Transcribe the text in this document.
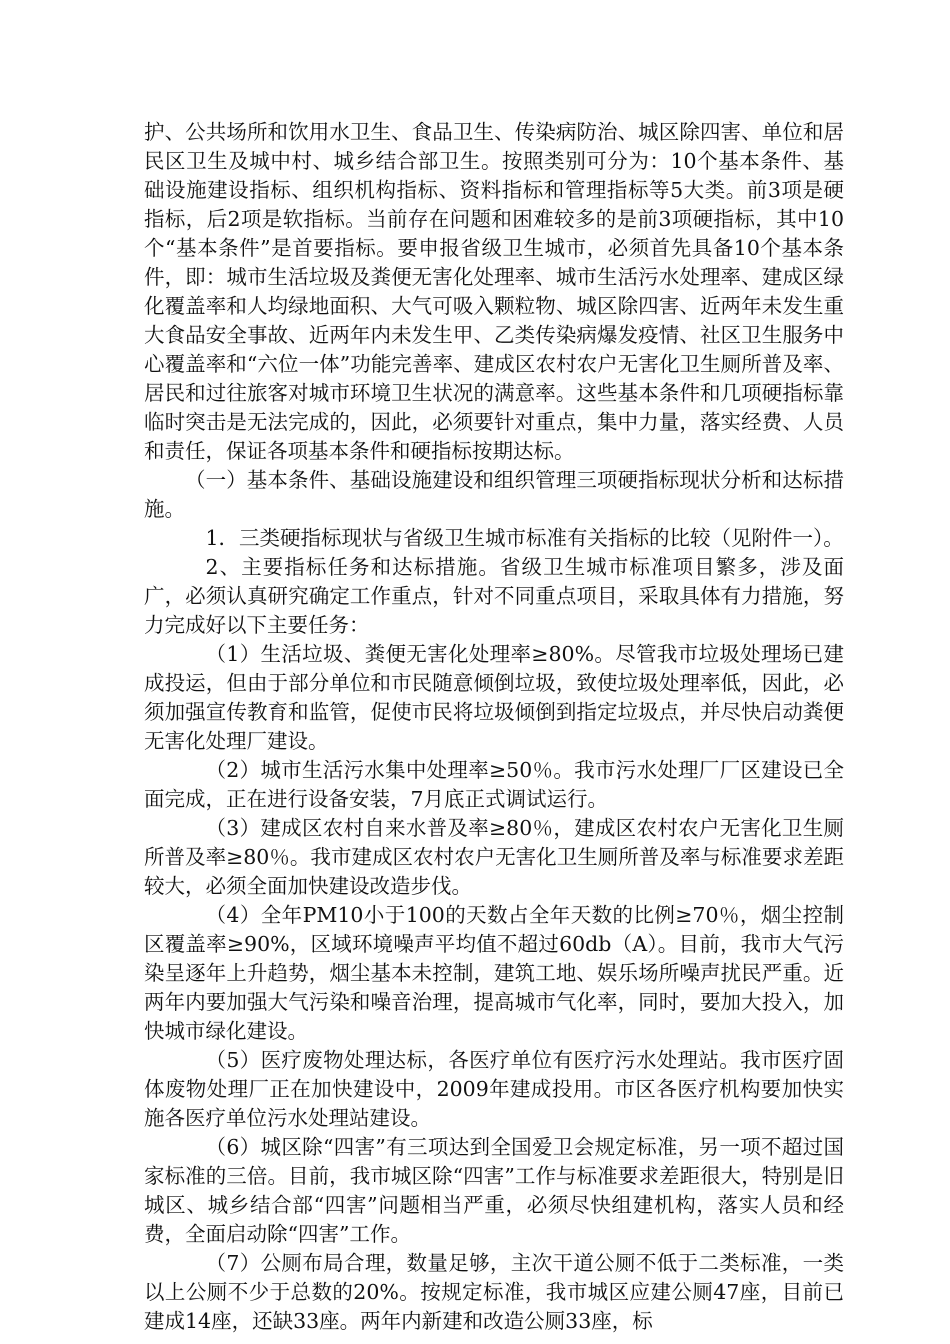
护、公共场所和饮用水卫生、食品卫生、传染病防治、城区除四害、单位和居民区卫生及城中村、城乡结合部卫生。按照类别可分为：10个基本条件、基础设施建设指标、组织机构指标、资料指标和管理指标等5大类。前3项是硬指标，后2项是软指标。当前存在问题和困难较多的是前3项硬指标，其中10个“基本条件”是首要指标。要申报省级卫生城市，必须首先具备10个基本条件，即：城市生活垃圾及粪便无害化处理率、城市生活污水处理率、建成区绿化覆盖率和人均绿地面积、大气可吸入颗粒物、城区除四害、近两年未发生重大食品安全事故、近两年内未发生甲、乙类传染病爆发疫情、社区卫生服务中心覆盖率和“六位一体”功能完善率、建成区农村农户无害化卫生厕所普及率、居民和过往旅客对城市环境卫生状况的满意率。这些基本条件和几项硬指标靠临时突击是无法完成的，因此，必须要针对重点，集中力量，落实经费、人员和责任，保证各项基本条件和硬指标按期达标。

（一）基本条件、基础设施建设和组织管理三项硬指标现状分析和达标措施。

1．三类硬指标现状与省级卫生城市标准有关指标的比较（见附件一）。

2、主要指标任务和达标措施。省级卫生城市标准项目繁多，涉及面广，必须认真研究确定工作重点，针对不同重点项目，采取具体有力措施，努力完成好以下主要任务：

（1）生活垃圾、粪便无害化处理率≥80%。尽管我市垃圾处理场已建成投运，但由于部分单位和市民随意倾倒垃圾，致使垃圾处理率低，因此，必须加强宣传教育和监管，促使市民将垃圾倾倒到指定垃圾点，并尽快启动粪便无害化处理厂建设。

（2）城市生活污水集中处理率≥50％。我市污水处理厂厂区建设已全面完成，正在进行设备安装，7月底正式调试运行。

（3）建成区农村自来水普及率≥80％，建成区农村农户无害化卫生厕所普及率≥80％。我市建成区农村农户无害化卫生厕所普及率与标准要求差距较大，必须全面加快建设改造步伐。

（4）全年PM10小于100的天数占全年天数的比例≥70％，烟尘控制区覆盖率≥90%，区域环境噪声平均值不超过60db（A）。目前，我市大气污染呈逐年上升趋势，烟尘基本未控制，建筑工地、娱乐场所噪声扰民严重。近两年内要加强大气污染和噪音治理，提高城市气化率，同时，要加大投入，加快城市绿化建设。

（5）医疗废物处理达标，各医疗单位有医疗污水处理站。我市医疗固体废物处理厂正在加快建设中，2009年建成投用。市区各医疗机构要加快实施各医疗单位污水处理站建设。

（6）城区除“四害”有三项达到全国爱卫会规定标准，另一项不超过国家标准的三倍。目前，我市城区除“四害”工作与标准要求差距很大，特别是旧城区、城乡结合部“四害”问题相当严重，必须尽快组建机构，落实人员和经费，全面启动除“四害”工作。

（7）公厕布局合理，数量足够，主次干道公厕不低于二类标准，一类以上公厕不少于总数的20%。按规定标准，我市城区应建公厕47座，目前已建成14座，还缺33座。两年内新建和改造公厕33座，标
